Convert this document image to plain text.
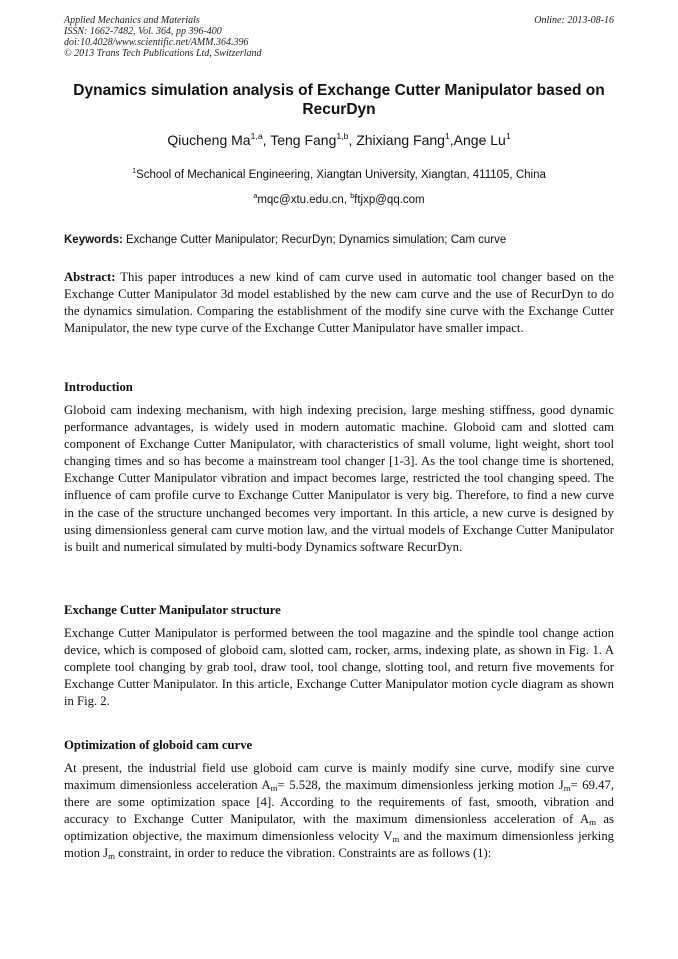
Applied Mechanics and Materials
ISSN: 1662-7482, Vol. 364, pp 396-400
doi:10.4028/www.scientific.net/AMM.364.396
© 2013 Trans Tech Publications Ltd, Switzerland
Online: 2013-08-16
Dynamics simulation analysis of Exchange Cutter Manipulator based on RecurDyn
Qiucheng Ma$^{1,a}$, Teng Fang$^{1,b}$, Zhixiang Fang$^1$,Ange Lu$^1$
$^1$School of Mechanical Engineering, Xiangtan University, Xiangtan, 411105, China
$^a$mqc@xtu.edu.cn, $^b$ftjxp@qq.com
Keywords: Exchange Cutter Manipulator; RecurDyn; Dynamics simulation; Cam curve
Abstract: This paper introduces a new kind of cam curve used in automatic tool changer based on the Exchange Cutter Manipulator 3d model established by the new cam curve and the use of RecurDyn to do the dynamics simulation. Comparing the establishment of the modify sine curve with the Exchange Cutter Manipulator, the new type curve of the Exchange Cutter Manipulator have smaller impact.
Introduction
Globoid cam indexing mechanism, with high indexing precision, large meshing stiffness, good dynamic performance advantages, is widely used in modern automatic machine. Globoid cam and slotted cam component of Exchange Cutter Manipulator, with characteristics of small volume, light weight, short tool changing times and so has become a mainstream tool changer [1-3]. As the tool change time is shortened, Exchange Cutter Manipulator vibration and impact becomes large, restricted the tool changing speed. The influence of cam profile curve to Exchange Cutter Manipulator is very big. Therefore, to find a new curve in the case of the structure unchanged becomes very important. In this article, a new curve is designed by using dimensionless general cam curve motion law, and the virtual models of Exchange Cutter Manipulator is built and numerical simulated by multi-body Dynamics software RecurDyn.
Exchange Cutter Manipulator structure
Exchange Cutter Manipulator is performed between the tool magazine and the spindle tool change action device, which is composed of globoid cam, slotted cam, rocker, arms, indexing plate, as shown in Fig. 1. A complete tool changing by grab tool, draw tool, tool change, slotting tool, and return five movements for Exchange Cutter Manipulator. In this article, Exchange Cutter Manipulator motion cycle diagram as shown in Fig. 2.
Optimization of globoid cam curve
At present, the industrial field use globoid cam curve is mainly modify sine curve, modify sine curve maximum dimensionless acceleration $A_m= 5.528$, the maximum dimensionless jerking motion $J_m= 69.47$, there are some optimization space [4]. According to the requirements of fast, smooth, vibration and accuracy to Exchange Cutter Manipulator, with the maximum dimensionless acceleration of $A_m$ as optimization objective, the maximum dimensionless velocity $V_m$ and the maximum dimensionless jerking motion $J_m$ constraint, in order to reduce the vibration. Constraints are as follows (1):
